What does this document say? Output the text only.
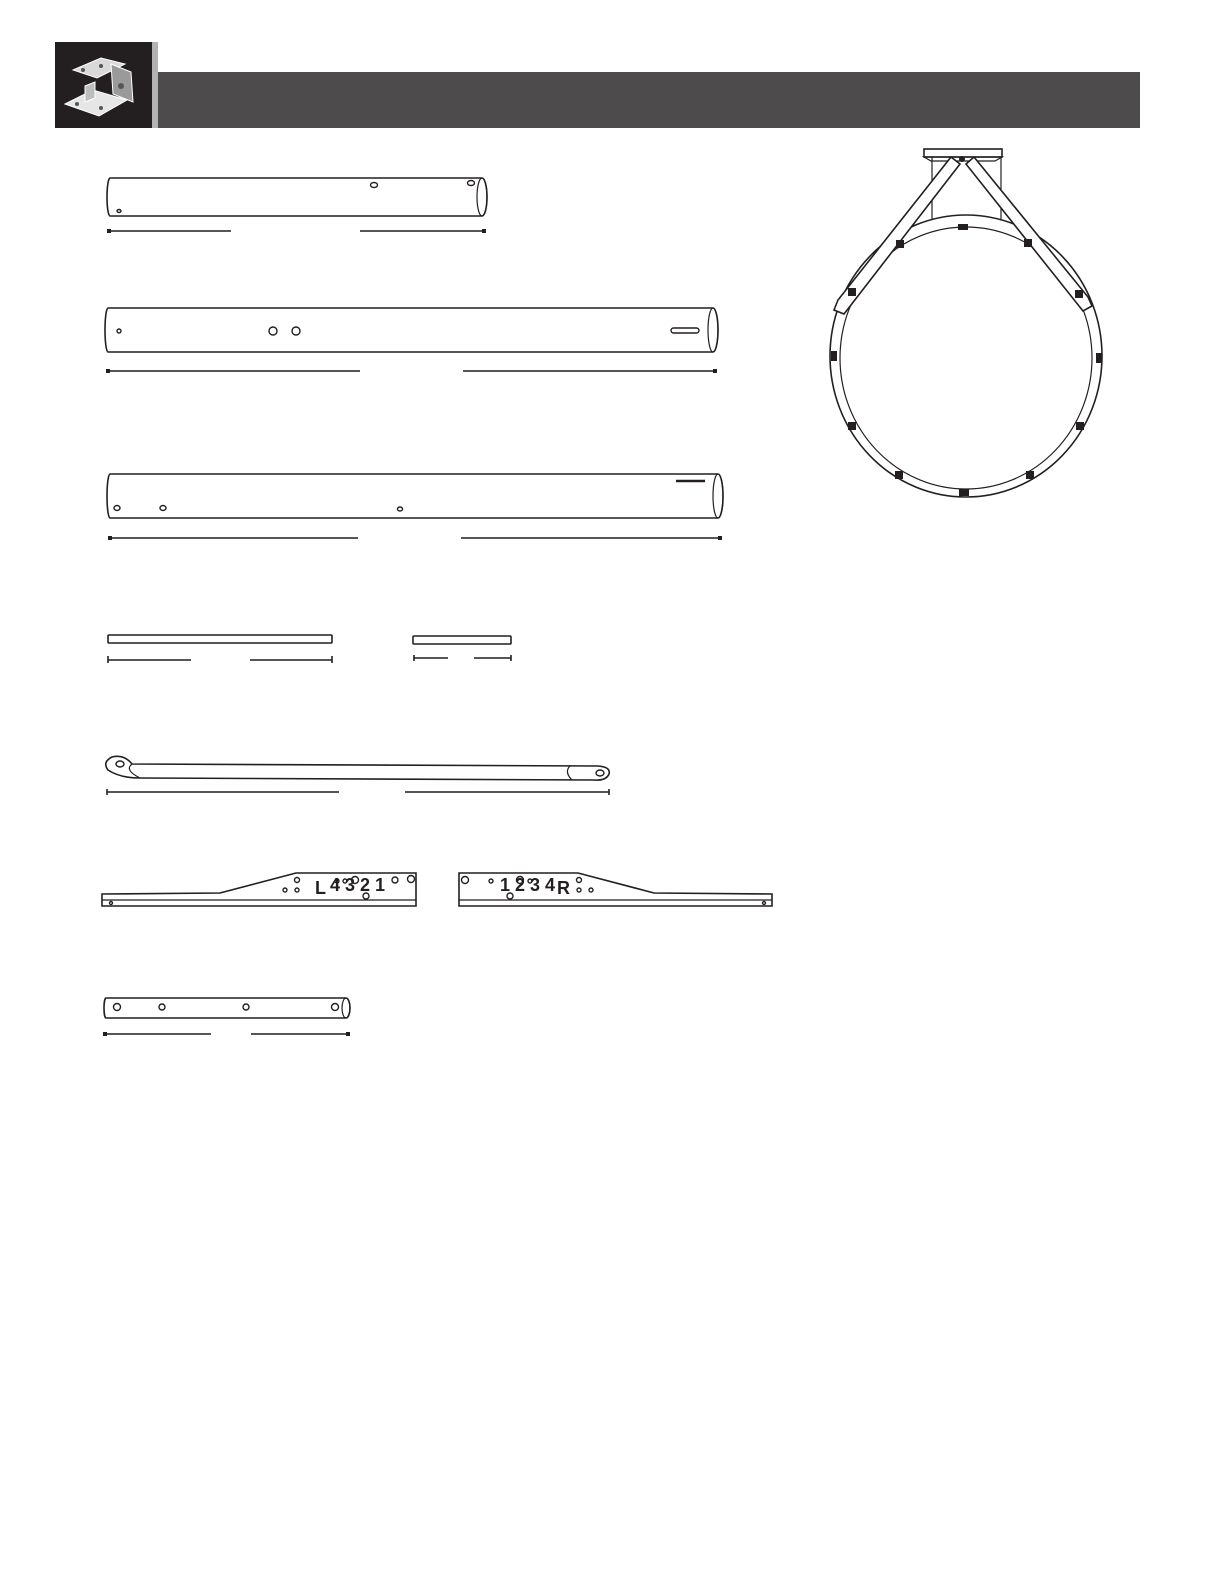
L 4 3 2 1	1 2 3 4 R
